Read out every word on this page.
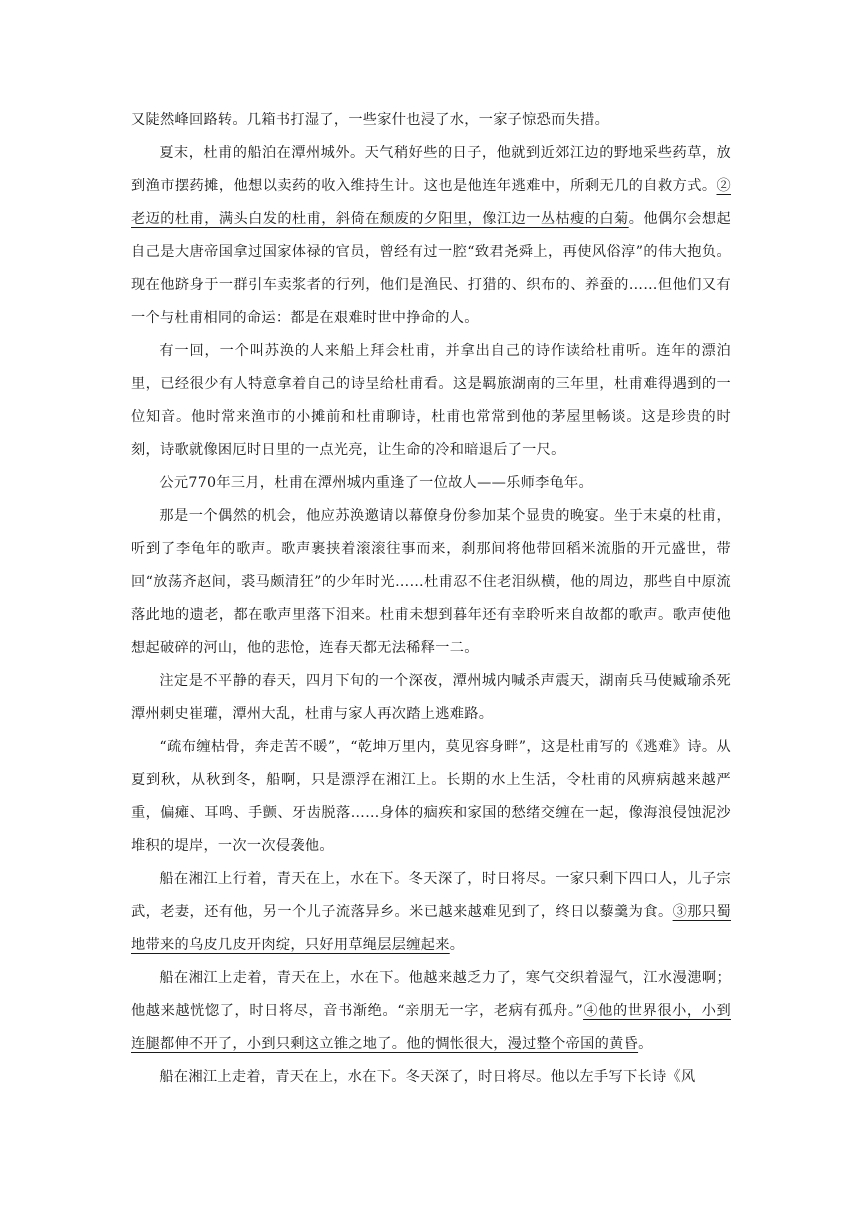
又陡然峰回路转。几箱书打湿了，一些家什也浸了水，一家子惊恐而失措。

夏末，杜甫的船泊在潭州城外。天气稍好些的日子，他就到近郊江边的野地采些药草，放到渔市摆药摊，他想以卖药的收入维持生计。这也是他连年逃难中，所剩无几的自救方式。②老迈的杜甫，满头白发的杜甫，斜倚在颓废的夕阳里，像江边一丛枯瘦的白菊。他偶尔会想起自己是大唐帝国拿过国家体禄的官员，曾经有过一腔“致君尧舜上，再使风俗淳”的伟大抱负。现在他跻身于一群引车卖浆者的行列，他们是渔民、打猎的、织布的、养蚕的……但他们又有一个与杜甫相同的命运：都是在艰难时世中挣命的人。

有一回，一个叫苏涣的人来船上拜会杜甫，并拿出自己的诗作读给杜甫听。连年的漂泊里，已经很少有人特意拿着自己的诗呈给杜甫看。这是羁旅湖南的三年里，杜甫难得遇到的一位知音。他时常来渔市的小摊前和杜甫聊诗，杜甫也常常到他的茅屋里畅谈。这是珍贵的时刻，诗歌就像困厄时日里的一点光亮，让生命的冷和暗退后了一尺。

公元770年三月，杜甫在潭州城内重逢了一位故人——乐师李龟年。

那是一个偶然的机会，他应苏涣邀请以幕僚身份参加某个显贵的晚宴。坐于末桌的杜甫，听到了李龟年的歌声。歌声裹挟着滚滚往事而来，刹那间将他带回稻米流脂的开元盛世，带回“放荡齐赵间，裘马颇清狂”的少年时光……杜甫忍不住老泪纵横，他的周边，那些自中原流落此地的遗老，都在歌声里落下泪来。杜甫未想到暮年还有幸聆听来自故都的歌声。歌声使他想起破碎的河山，他的悲怆，连春天都无法稀释一二。

注定是不平静的春天，四月下旬的一个深夜，潭州城内喊杀声震天，湖南兵马使臧瑜杀死潭州刺史崔瓘，潭州大乱，杜甫与家人再次踏上逃难路。

“疏布缠枯骨，奔走苦不暖”，“乾坤万里内，莫见容身畔”，这是杜甫写的《逃难》诗。从夏到秋，从秋到冬，船啊，只是漂浮在湘江上。长期的水上生活，令杜甫的风痹病越来越严重，偏瘫、耳鸣、手颤、牙齿脱落……身体的痼疾和家国的愁绪交缠在一起，像海浪侵蚀泥沙堆积的堤岸，一次一次侵袭他。

船在湘江上行着，青天在上，水在下。冬天深了，时日将尽。一家只剩下四口人，儿子宗武，老妻，还有他，另一个儿子流落异乡。米已越来越难见到了，终日以藜羹为食。③那只蜀地带来的乌皮几皮开肉绽，只好用草绳层层缠起来。

船在湘江上走着，青天在上，水在下。他越来越乏力了，寒气交织着湿气，江水漫漶啊；他越来越恍惚了，时日将尽，音书渐绝。“亲朋无一字，老病有孤舟。”④他的世界很小，小到连腿都伸不开了，小到只剩这立锥之地了。他的惆怅很大，漫过整个帝国的黄昏。

船在湘江上走着，青天在上，水在下。冬天深了，时日将尽。他以左手写下长诗《风
